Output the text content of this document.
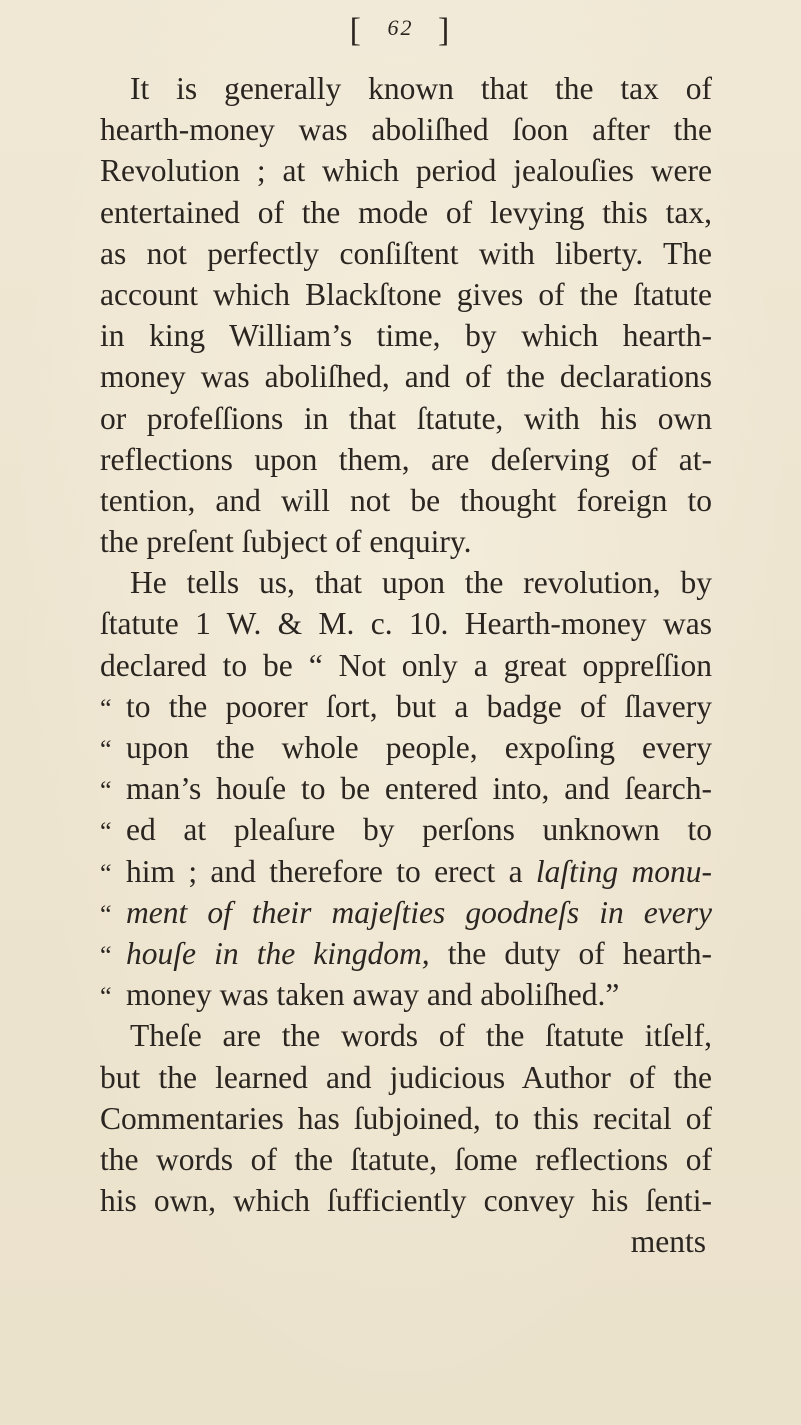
[ 62 ]
It is generally known that the tax of
hearth-money was aboliſhed ſoon after the
Revolution ; at which period jealouſies were
entertained of the mode of levying this tax,
as not perfectly conſiſtent with liberty. The
account which Blackſtone gives of the ſtatute
in king William’s time, by which hearth-
money was aboliſhed, and of the declarations
or profeſſions in that ſtatute, with his own
reflections upon them, are deſerving of at-
tention, and will not be thought foreign to
the preſent ſubject of enquiry.
He tells us, that upon the revolution, by
ſtatute 1 W. & M. c. 10. Hearth-money was
declared to be “ Not only a great oppreſſion
“ to the poorer ſort, but a badge of ſlavery
“ upon the whole people, expoſing every
“ man’s houſe to be entered into, and ſearch-
“ ed at pleaſure by perſons unknown to
“ him ; and therefore to erect a laſting monu-
“ ment of their majeſties goodneſs in every
“ houſe in the kingdom, the duty of hearth-
“ money was taken away and aboliſhed.”
Theſe are the words of the ſtatute itſelf,
but the learned and judicious Author of the
Commentaries has ſubjoined, to this recital of
the words of the ſtatute, ſome reflections of
his own, which ſufficiently convey his ſenti-
ments
